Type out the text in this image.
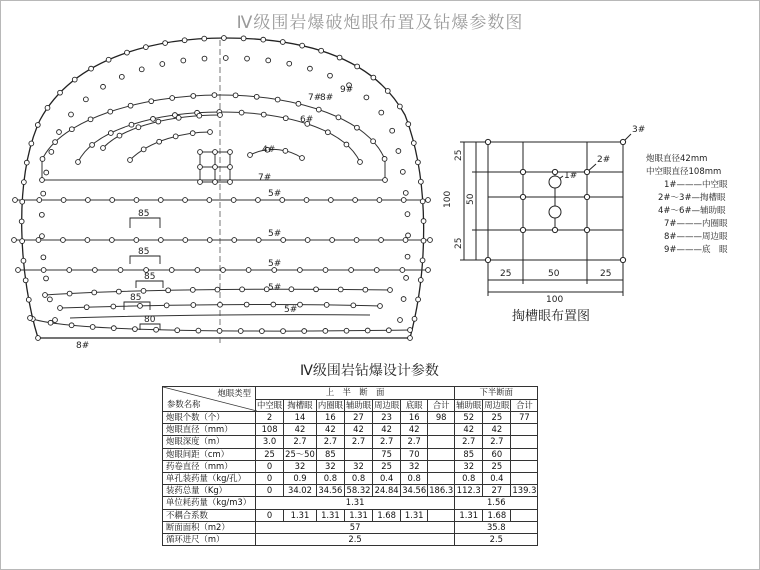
Ⅳ级围岩爆破炮眼布置及钻爆参数图
9#
8#
7#
6#
4#
7#
5#
5#
5#
5#
5#
8#
85
85
85
85
80
25
50
25
100
25	50	25
100
3#
2#
1#
掏槽眼布置图
炮眼直径42mm
中空眼直径108mm
1#———中空眼
2#～3#—掏槽眼
4#～6#—辅助眼
7#———内圈眼
8#———周边眼
9#———底　眼
Ⅳ级围岩钻爆设计参数
炮眼类型
参数名称	上　半　断　面							下半断面		
	中空眼	掏槽眼	内圈眼	辅助眼	周边眼	底眼	合计	辅助眼	周边眼	合计
炮眼个数（个）	2	14	16	27	23	16	98	52	25	77
炮眼直径（mm）	108	42	42	42	42	42		42	42	
炮眼深度（m）	3.0	2.7	2.7	2.7	2.7	2.7		2.7	2.7	
炮眼间距（cm）	25	25～50	85		75	70		85	60	
药卷直径（mm）	0	32	32	32	25	32		32	25	
单孔装药量（kg/孔）	0	0.9	0.8	0.8	0.4	0.8		0.8	0.4	
装药总量（Kg）	0	34.02	34.56	58.32	24.84	34.56	186.3	112.3	27	139.3
单位耗药量（kg/m3）	1.31							1.56		
不耦合系数	0	1.31	1.31	1.31	1.68	1.31		1.31	1.68	
断面面积（m2）	57							35.8		
循环进尺（m）	2.5							2.5		
